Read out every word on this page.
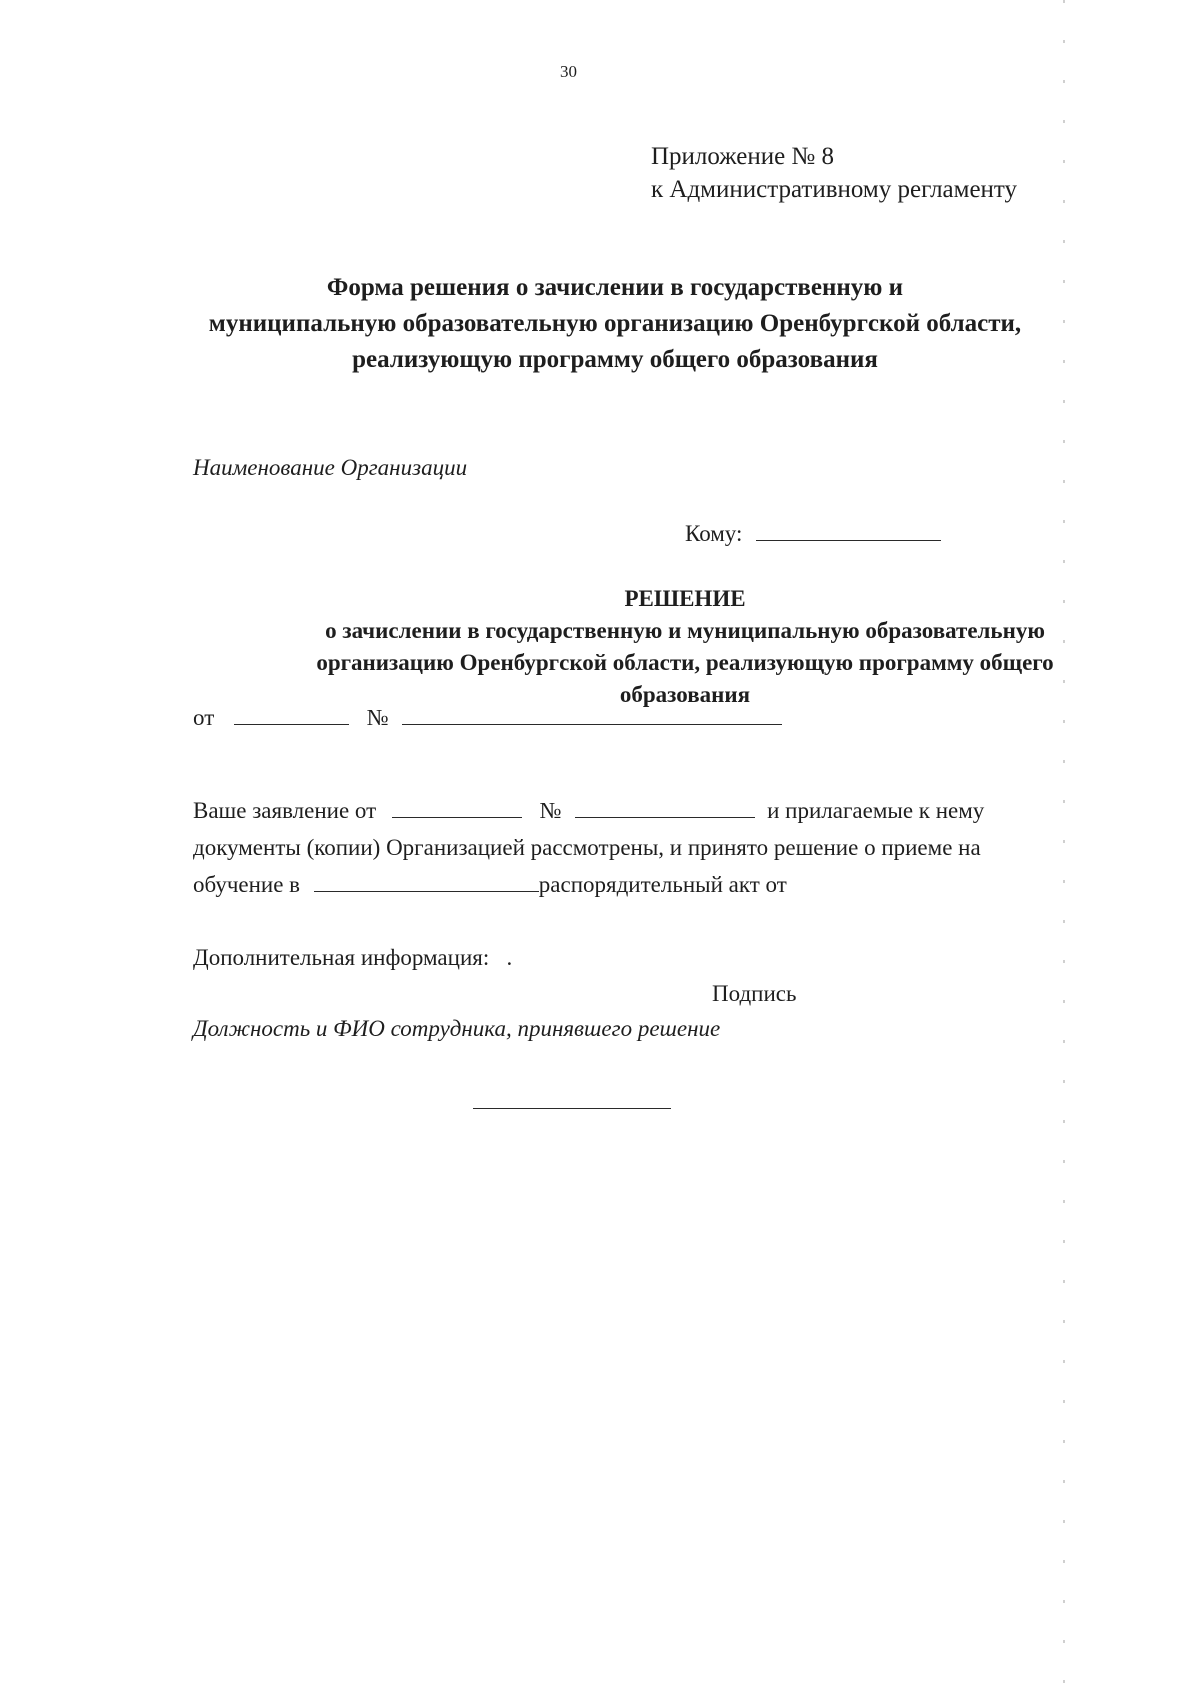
30
Приложение № 8
к Административному регламенту
Форма решения о зачислении в государственную и
муниципальную образовательную организацию Оренбургской области,
реализующую программу общего образования
Наименование Организации
Кому:
РЕШЕНИЕ
о зачислении в государственную и муниципальную образовательную
организацию Оренбургской области, реализующую программу общего
образования
от	№
Ваше заявление от	№	и прилагаемые к нему
документы (копии) Организацией рассмотрены, и принято решение о приеме на
обучение в	распорядительный акт от
Дополнительная информация:   .
Подпись
Должность и ФИО сотрудника, принявшего решение
